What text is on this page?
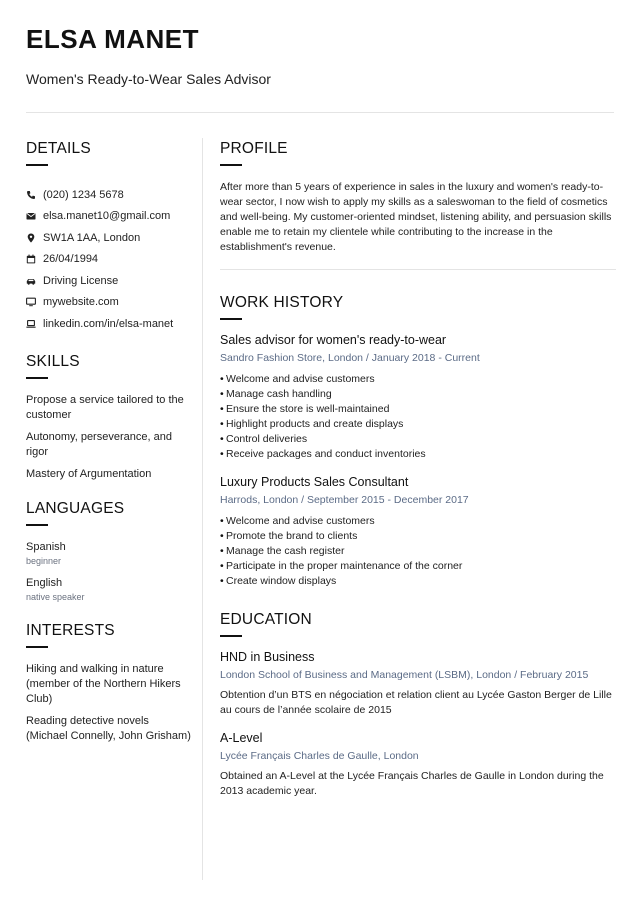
ELSA MANET

Women's Ready-to-Wear Sales Advisor

DETAILS
(020) 1234 5678
elsa.manet10@gmail.com
SW1A 1AA, London
26/04/1994
Driving License
mywebsite.com
linkedin.com/in/elsa-manet
SKILLS
Propose a service tailored to the customer
Autonomy, perseverance, and rigor
Mastery of Argumentation
LANGUAGES
Spanish
beginner
English
native speaker
INTERESTS
Hiking and walking in nature (member of the Northern Hikers Club)
Reading detective novels (Michael Connelly, John Grisham)
PROFILE

After more than 5 years of experience in sales in the luxury and women's ready-to-wear sector, I now wish to apply my skills as a saleswoman to the field of cosmetics and well-being. My customer-oriented mindset, listening ability, and persuasion skills enable me to retain my clientele while contributing to the increase in the establishment's revenue.

WORK HISTORY
Sales advisor for women's ready-to-wear

Sandro Fashion Store, London / January 2018 - Current

• Welcome and advise customers
• Manage cash handling
• Ensure the store is well-maintained
• Highlight products and create displays
• Control deliveries
• Receive packages and conduct inventories
Luxury Products Sales Consultant

Harrods, London / September 2015 - December 2017

• Welcome and advise customers
• Promote the brand to clients
• Manage the cash register
• Participate in the proper maintenance of the corner
• Create window displays
EDUCATION
HND in Business

London School of Business and Management (LSBM), London / February 2015

Obtention d’un BTS en négociation et relation client au Lycée Gaston Berger de Lille au cours de l’année scolaire de 2015

A-Level

Lycée Français Charles de Gaulle, London

Obtained an A-Level at the Lycée Français Charles de Gaulle in London during the 2013 academic year.
